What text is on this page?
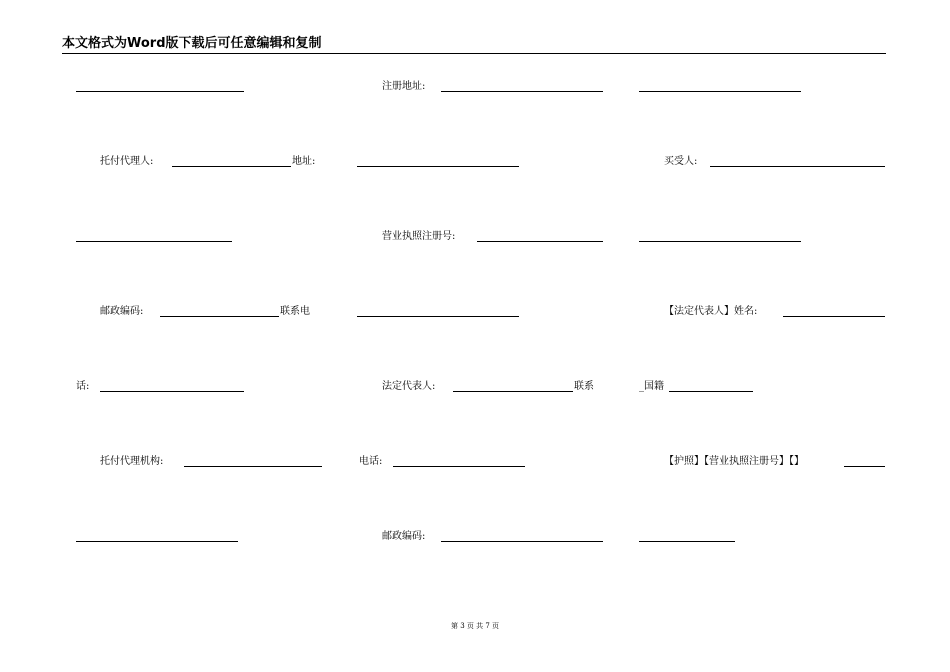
本文格式为Word版下载后可任意编辑和复制
注册地址:
托付代理人:	地址:	买受人:
营业执照注册号:
邮政编码:	联系电	【法定代表人】姓名:
话:	法定代表人:	联系	_国籍
托付代理机构:	电话:	【护照】【营业执照注册号】【】
邮政编码:
第 3 页 共 7 页
